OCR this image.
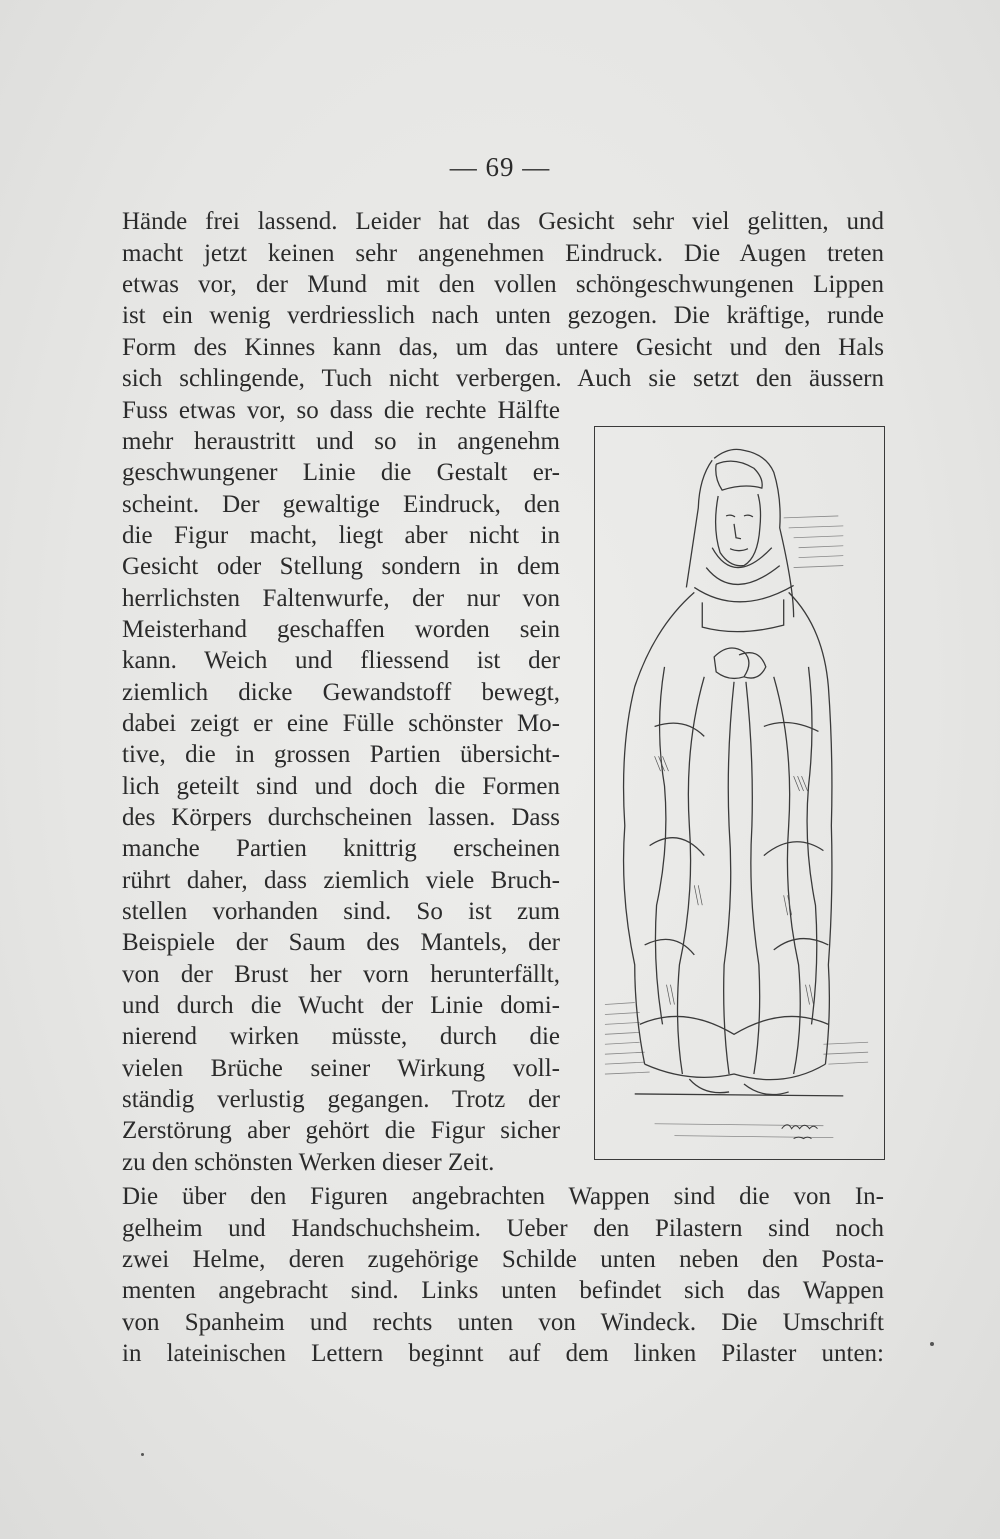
— 69 —
Hände frei lassend. Leider hat das Gesicht sehr viel gelitten, und
macht jetzt keinen sehr angenehmen Eindruck. Die Augen treten
etwas vor, der Mund mit den vollen schöngeschwungenen Lippen
ist ein wenig verdriesslich nach unten gezogen. Die kräftige, runde
Form des Kinnes kann das, um das untere Gesicht und den Hals
sich schlingende, Tuch nicht verbergen. Auch sie setzt den äussern
Fuss etwas vor, so dass die rechte Hälfte
mehr heraustritt und so in angenehm
geschwungener Linie die Gestalt er-
scheint. Der gewaltige Eindruck, den
die Figur macht, liegt aber nicht in
Gesicht oder Stellung sondern in dem
herrlichsten Faltenwurfe, der nur von
Meisterhand geschaffen worden sein
kann. Weich und fliessend ist der
ziemlich dicke Gewandstoff bewegt,
dabei zeigt er eine Fülle schönster Mo-
tive, die in grossen Partien übersicht-
lich geteilt sind und doch die Formen
des Körpers durchscheinen lassen. Dass
manche Partien knittrig erscheinen
rührt daher, dass ziemlich viele Bruch-
stellen vorhanden sind. So ist zum
Beispiele der Saum des Mantels, der
von der Brust her vorn herunterfällt,
und durch die Wucht der Linie domi-
nierend wirken müsste, durch die
vielen Brüche seiner Wirkung voll-
ständig verlustig gegangen. Trotz der
Zerstörung aber gehört die Figur sicher
zu den schönsten Werken dieser Zeit.
Die über den Figuren angebrachten Wappen sind die von In-
gelheim und Handschuchsheim. Ueber den Pilastern sind noch
zwei Helme, deren zugehörige Schilde unten neben den Posta-
menten angebracht sind. Links unten befindet sich das Wappen
von Spanheim und rechts unten von Windeck. Die Umschrift
in lateinischen Lettern beginnt auf dem linken Pilaster unten:
